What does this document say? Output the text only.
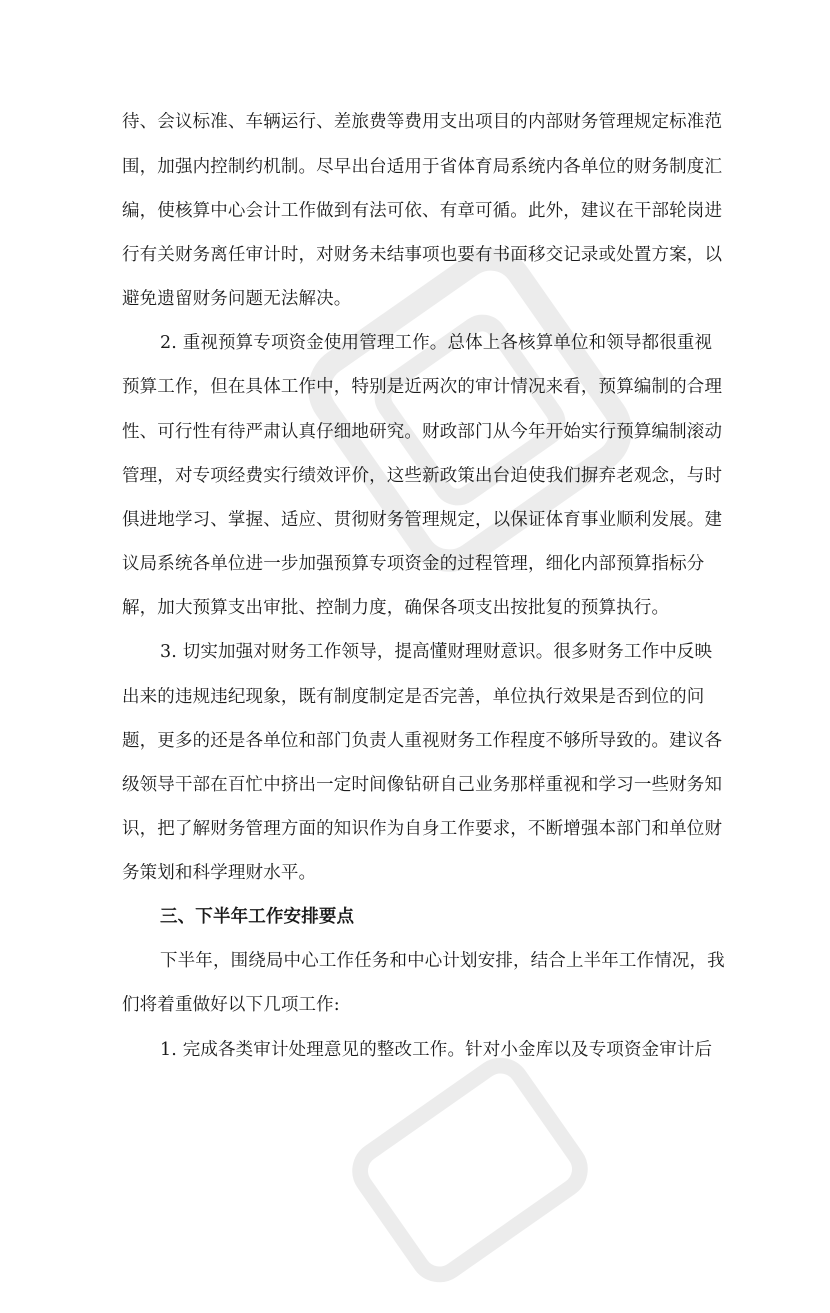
待、会议标准、车辆运行、差旅费等费用支出项目的内部财务管理规定标准范
围，加强内控制约机制。尽早出台适用于省体育局系统内各单位的财务制度汇
编，使核算中心会计工作做到有法可依、有章可循。此外，建议在干部轮岗进
行有关财务离任审计时，对财务未结事项也要有书面移交记录或处置方案，以
避免遗留财务问题无法解决。
2. 重视预算专项资金使用管理工作。总体上各核算单位和领导都很重视
预算工作，但在具体工作中，特别是近两次的审计情况来看，预算编制的合理
性、可行性有待严肃认真仔细地研究。财政部门从今年开始实行预算编制滚动
管理，对专项经费实行绩效评价，这些新政策出台迫使我们摒弃老观念，与时
俱进地学习、掌握、适应、贯彻财务管理规定，以保证体育事业顺利发展。建
议局系统各单位进一步加强预算专项资金的过程管理，细化内部预算指标分
解，加大预算支出审批、控制力度，确保各项支出按批复的预算执行。
3. 切实加强对财务工作领导，提高懂财理财意识。很多财务工作中反映
出来的违规违纪现象，既有制度制定是否完善，单位执行效果是否到位的问
题，更多的还是各单位和部门负责人重视财务工作程度不够所导致的。建议各
级领导干部在百忙中挤出一定时间像钻研自己业务那样重视和学习一些财务知
识，把了解财务管理方面的知识作为自身工作要求，不断增强本部门和单位财
务策划和科学理财水平。
三、下半年工作安排要点
下半年，围绕局中心工作任务和中心计划安排，结合上半年工作情况，我
们将着重做好以下几项工作:
1. 完成各类审计处理意见的整改工作。针对小金库以及专项资金审计后
